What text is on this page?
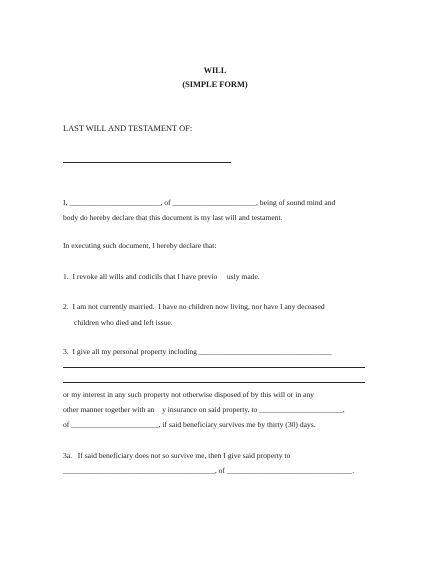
WILL
(SIMPLE FORM)
LAST WILL AND TESTAMENT OF:
I, ________________________, of ______________________, being of sound mind and
body do hereby declare that this document is my last will and testament.
In executing such document, I hereby declare that:
1.  I revoke all wills and codicils that I have previo     usly made.
2.  I am not currently married.  I have no children now living, nor have I any deceased
children who died and left issue.
3.  I give all my personal property including ___________________________________
or my interest in any such property not otherwise disposed of by this will or in any
other manner together with an    y insurance on said property, to ______________________,
of _______________________, if said beneficiary survives me by thirty (30) days.
3a.   If said beneficiary does not so survive me, then I give said property to
________________________________________, of _________________________________.
